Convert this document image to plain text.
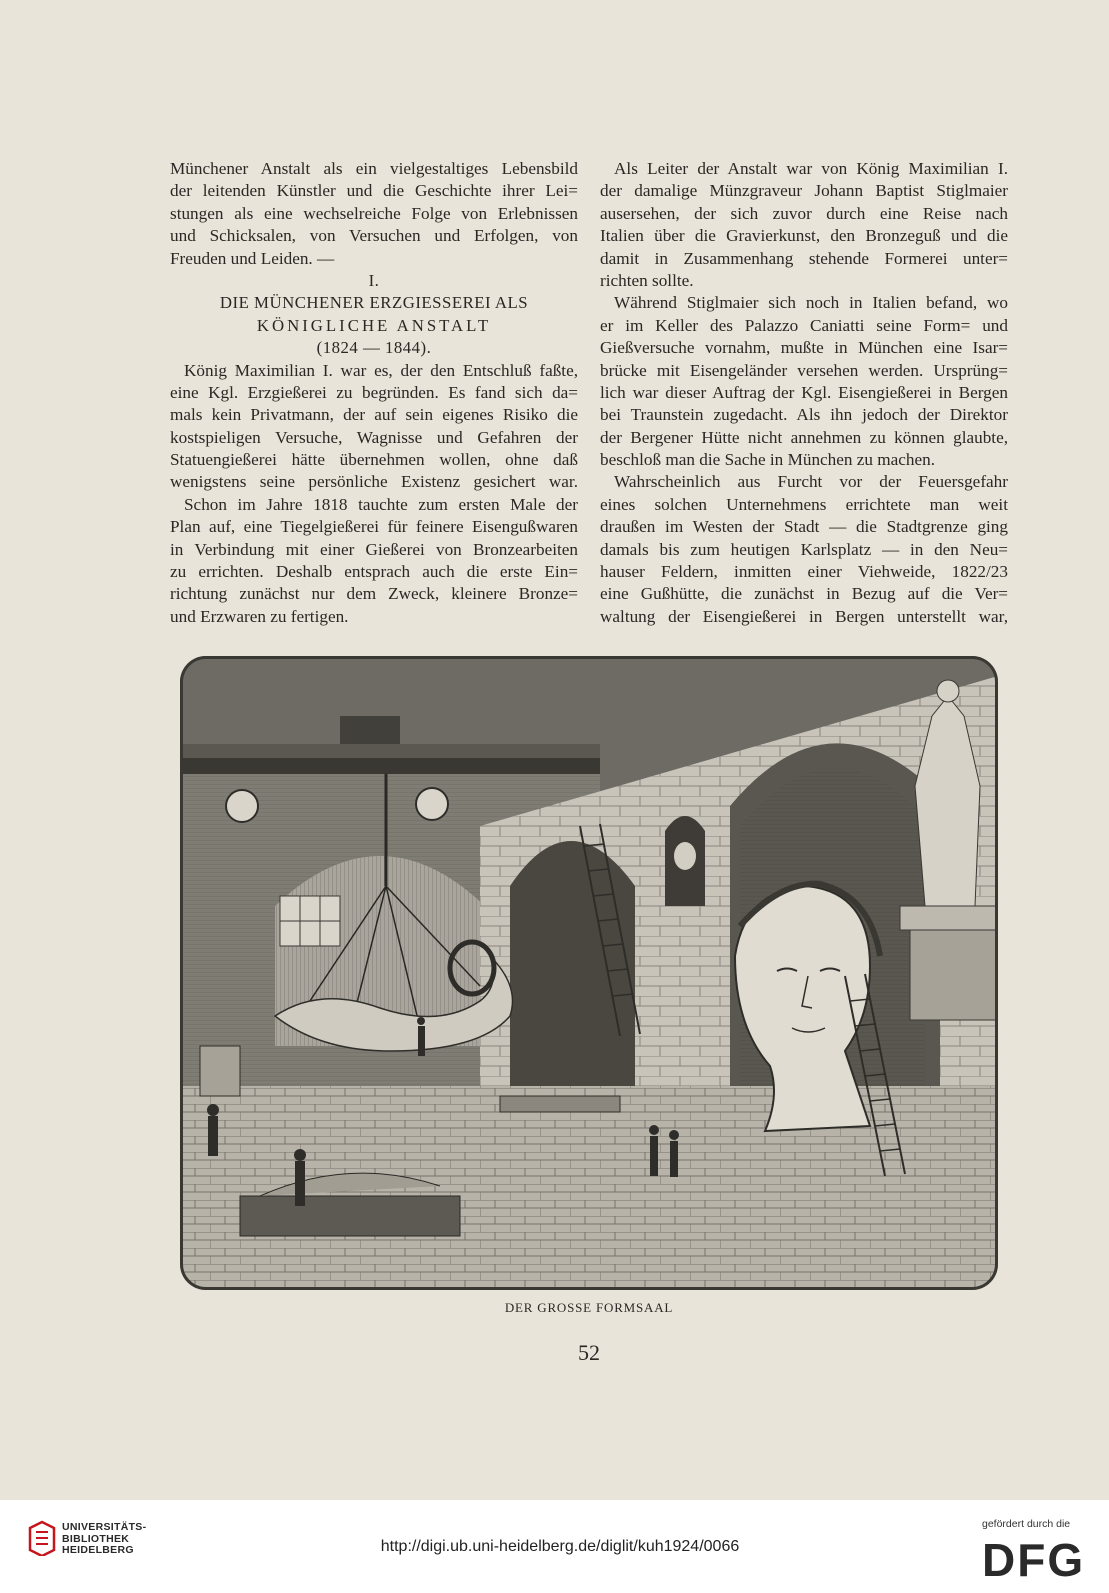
Münchener Anstalt als ein vielgestaltiges Lebensbild
der leitenden Künstler und die Geschichte ihrer Lei=
stungen als eine wechselreiche Folge von Erlebnissen
und Schicksalen, von Versuchen und Erfolgen, von
Freuden und Leiden. —
I.
DIE MÜNCHENER ERZGIESSEREI ALS
KÖNIGLICHE ANSTALT
(1824 — 1844).
König Maximilian I. war es, der den Entschluß faßte,
eine Kgl. Erzgießerei zu begründen. Es fand sich da=
mals kein Privatmann, der auf sein eigenes Risiko die
kostspieligen Versuche, Wagnisse und Gefahren der
Statuengießerei hätte übernehmen wollen, ohne daß
wenigstens seine persönliche Existenz gesichert war.
Schon im Jahre 1818 tauchte zum ersten Male der
Plan auf, eine Tiegelgießerei für feinere Eisengußwaren
in Verbindung mit einer Gießerei von Bronzearbeiten
zu errichten. Deshalb entsprach auch die erste Ein=
richtung zunächst nur dem Zweck, kleinere Bronze=
und Erzwaren zu fertigen.
Als Leiter der Anstalt war von König Maximilian I.
der damalige Münzgraveur Johann Baptist Stiglmaier
ausersehen, der sich zuvor durch eine Reise nach
Italien über die Gravierkunst, den Bronzeguß und die
damit in Zusammenhang stehende Formerei unter=
richten sollte.
Während Stiglmaier sich noch in Italien befand, wo
er im Keller des Palazzo Caniatti seine Form= und
Gießversuche vornahm, mußte in München eine Isar=
brücke mit Eisengeländer versehen werden. Ursprüng=
lich war dieser Auftrag der Kgl. Eisengießerei in Bergen
bei Traunstein zugedacht. Als ihn jedoch der Direktor
der Bergener Hütte nicht annehmen zu können glaubte,
beschloß man die Sache in München zu machen.
Wahrscheinlich aus Furcht vor der Feuersgefahr
eines solchen Unternehmens errichtete man weit
draußen im Westen der Stadt — die Stadtgrenze ging
damals bis zum heutigen Karlsplatz — in den Neu=
hauser Feldern, inmitten einer Viehweide, 1822/23
eine Gußhütte, die zunächst in Bezug auf die Ver=
waltung der Eisengießerei in Bergen unterstellt war,
DER GROSSE FORMSAAL
52
UNIVERSITÄTS-
BIBLIOTHEK
HEIDELBERG	http://digi.ub.uni-heidelberg.de/diglit/kuh1924/0066
gefördert durch die
DFG
